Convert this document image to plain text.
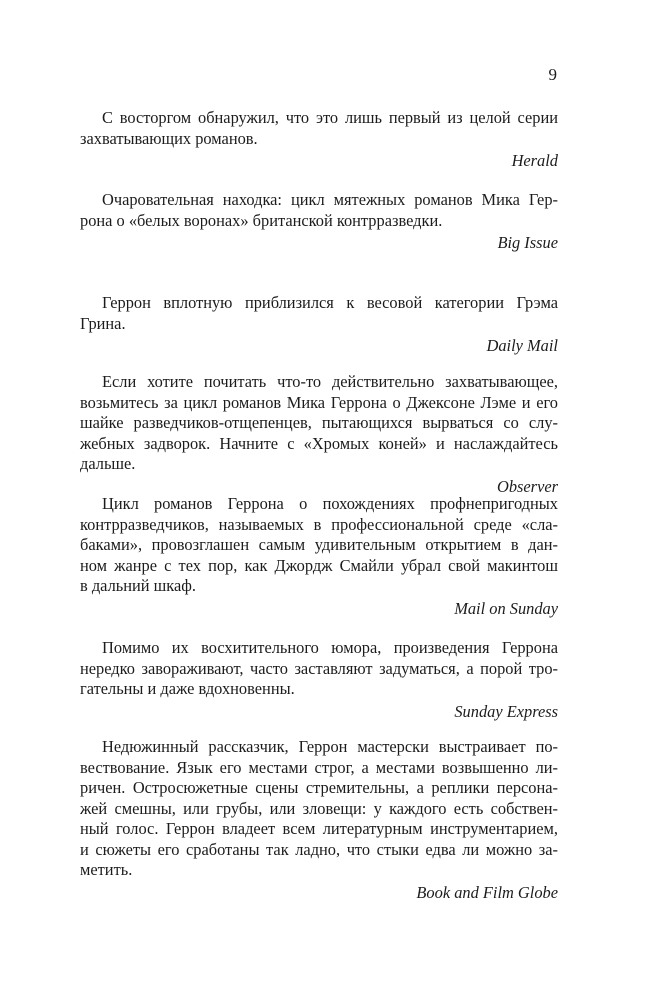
9
С восторгом обнаружил, что это лишь первый из целой серии
захватывающих романов.
Herald
Очаровательная находка: цикл мятежных романов Мика Гер-
рона о «белых воронах» британской контрразведки.
Big Issue
Геррон вплотную приблизился к весовой категории Грэма
Грина.
Daily Mail
Если хотите почитать что-то действительно захватывающее,
возьмитесь за цикл романов Мика Геррона о Джексоне Лэме и его
шайке разведчиков-отщепенцев, пытающихся вырваться со слу-
жебных задворок. Начните с «Хромых коней» и наслаждайтесь
дальше.
Observer
Цикл романов Геррона о похождениях профнепригодных
контрразведчиков, называемых в профессиональной среде «сла-
баками», провозглашен самым удивительным открытием в дан-
ном жанре с тех пор, как Джордж Смайли убрал свой макинтош
в дальний шкаф.
Mail on Sunday
Помимо их восхитительного юмора, произведения Геррона
нередко завораживают, часто заставляют задуматься, а порой тро-
гательны и даже вдохновенны.
Sunday Express
Недюжинный рассказчик, Геррон мастерски выстраивает по-
вествование. Язык его местами строг, а местами возвышенно ли-
ричен. Остросюжетные сцены стремительны, а реплики персона-
жей смешны, или грубы, или зловещи: у каждого есть собствен-
ный голос. Геррон владеет всем литературным инструментарием,
и сюжеты его сработаны так ладно, что стыки едва ли можно за-
метить.
Book and Film Globe
